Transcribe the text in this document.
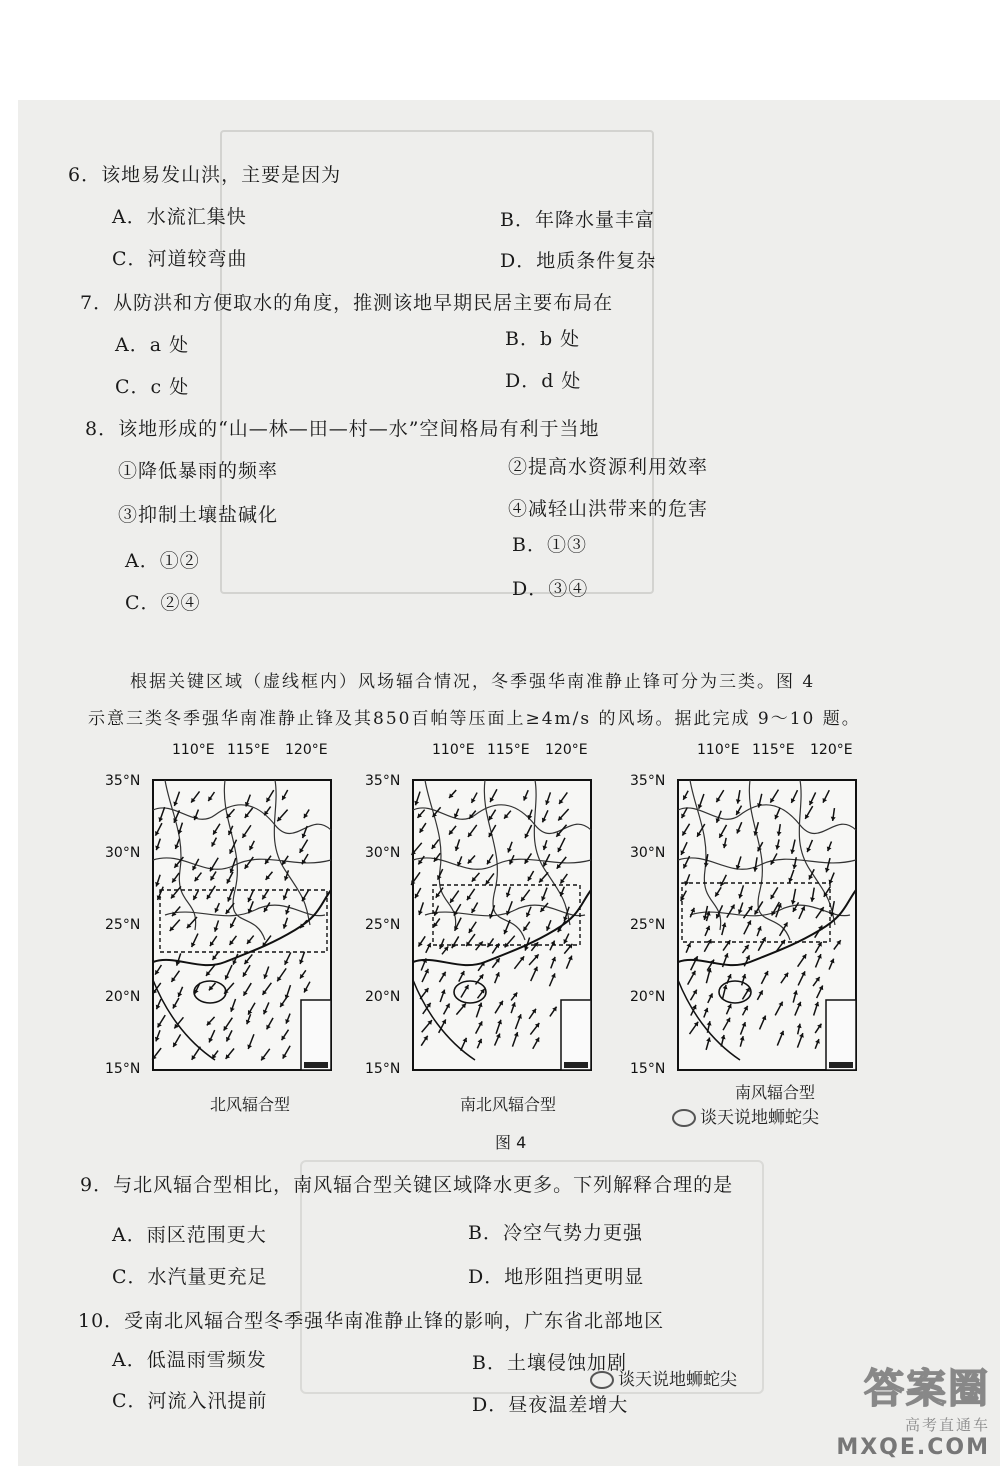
6．该地易发山洪，主要是因为
A．水流汇集快	B．年降水量丰富
C．河道较弯曲	D．地质条件复杂
7．从防洪和方便取水的角度，推测该地早期民居主要布局在
A．a 处	B．b 处
C．c 处	D．d 处
8．该地形成的“山—林—田—村—水”空间格局有利于当地
①降低暴雨的频率	②提高水资源利用效率
③抑制土壤盐碱化	④减轻山洪带来的危害
A．①②
B．①③
C．②④
D．③④
根据关键区域（虚线框内）风场辐合情况，冬季强华南准静止锋可分为三类。图 4
示意三类冬季强华南准静止锋及其850百帕等压面上≥4m/s 的风场。据此完成 9～10 题。
110°E 115°E 120°E
35°N
30°N
25°N
20°N
15°N
110°E 115°E 120°E
35°N
30°N
25°N
20°N
15°N
110°E 115°E 120°E
35°N
30°N
25°N
20°N
15°N
北风辐合型	南北风辐合型
南风辐合型
图 4
谈天说地蛳蛇尖
9．与北风辐合型相比，南风辐合型关键区域降水更多。下列解释合理的是
A．雨区范围更大	B．冷空气势力更强
C．水汽量更充足	D．地形阻挡更明显
10．受南北风辐合型冬季强华南准静止锋的影响，广东省北部地区
A．低温雨雪频发	B．土壤侵蚀加剧
C．河流入汛提前	D．昼夜温差增大
谈天说地蛳蛇尖	答案圈
高考直通车
MXQE.COM
